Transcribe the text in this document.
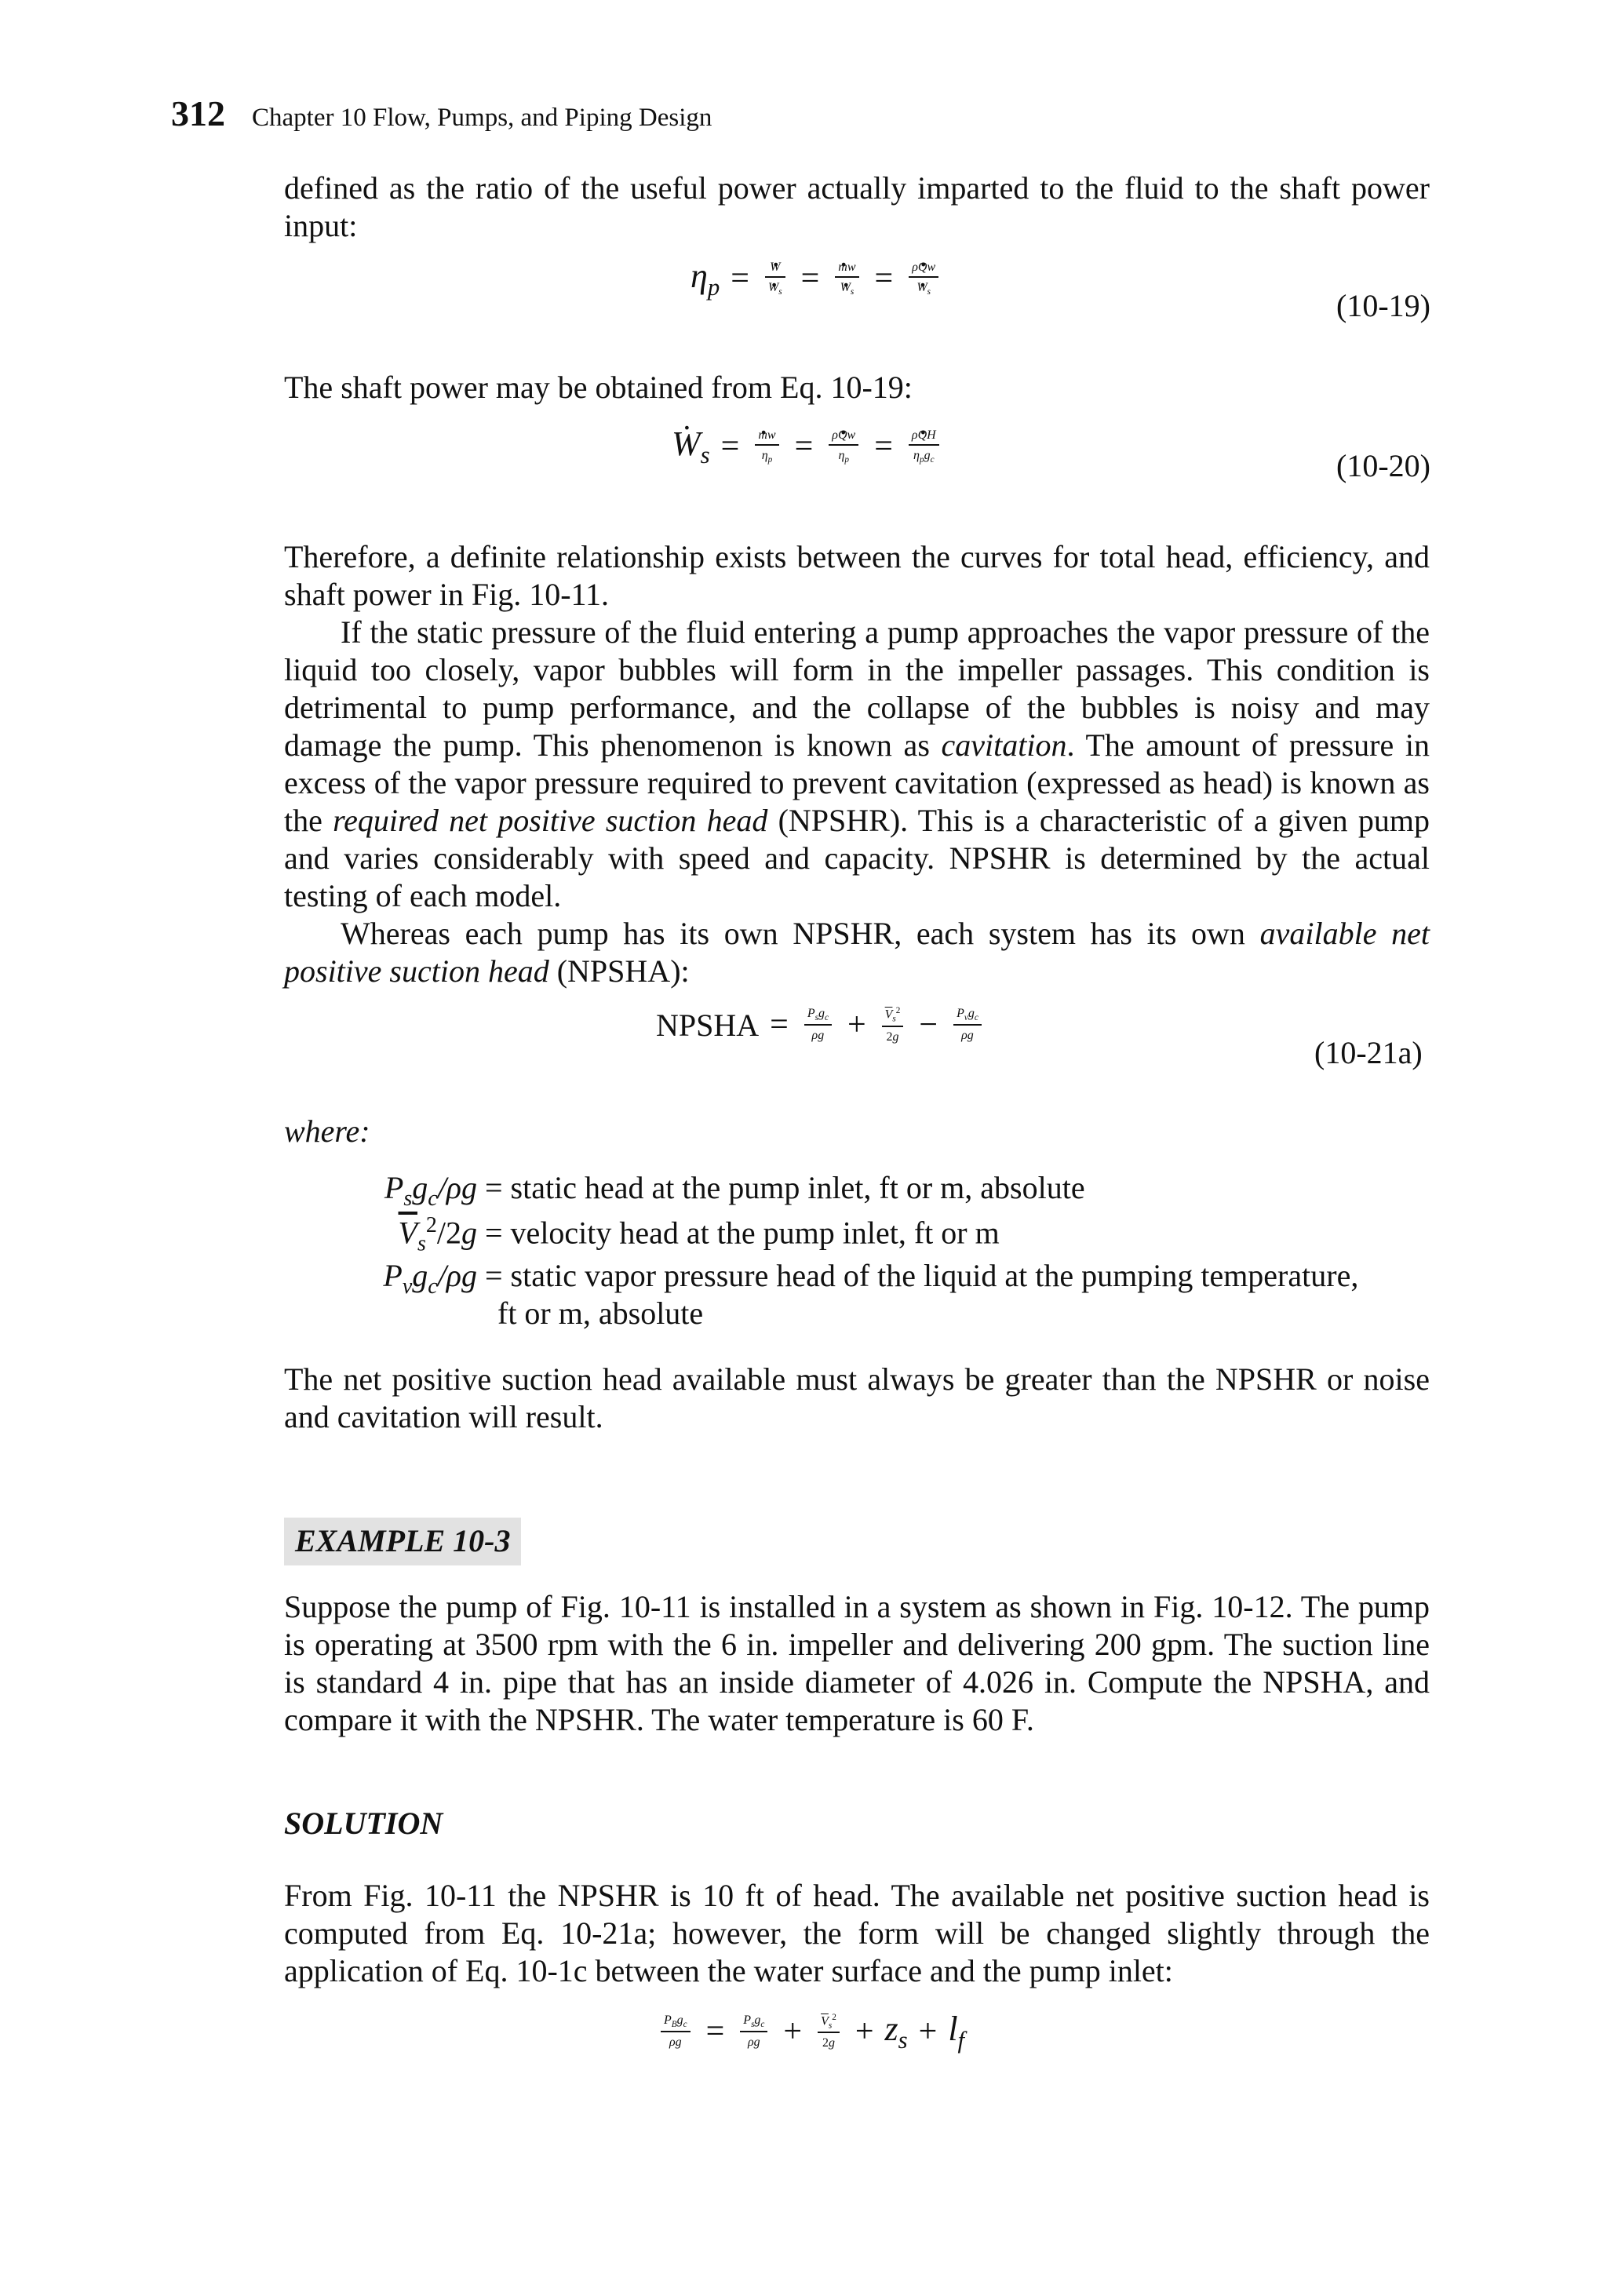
312 Chapter 10 Flow, Pumps, and Piping Design
defined as the ratio of the useful power actually imparted to the fluid to the shaft power input:
$\eta_p = \frac{W .}{W ._s} = \frac{m .w}{W ._s} = \frac{\rho Q .w}{W ._s}$
(10-19)
The shaft power may be obtained from Eq. 10-19:
W $._s = \frac{m .w}{\eta_p} = \frac{\rho Q .w}{\eta_p} = \frac{\rho Q .H}{\eta_pg_c}$
(10-20)
Therefore, a definite relationship exists between the curves for total head, efficiency, and shaft power in Fig. 10-11.
If the static pressure of the fluid entering a pump approaches the vapor pressure of the liquid too closely, vapor bubbles will form in the impeller passages. This condition is detrimental to pump performance, and the collapse of the bubbles is noisy and may damage the pump. This phenomenon is known as cavitation. The amount of pressure in excess of the vapor pressure required to prevent cavitation (expressed as head) is known as the required net positive suction head (NPSHR). This is a characteristic of a given pump and varies considerably with speed and capacity. NPSHR is determined by the actual testing of each model.
Whereas each pump has its own NPSHR, each system has its own available net positive suction head (NPSHA):
NPSHA = $\frac{P_sg_c}{\rho g} + \frac{\overline{V}_s^2}{2g} - \frac{P_vg_c}{\rho g}$
(10-21a)
where:
$P_sg_c/\rho g$ = static head at the pump inlet, ft or m, absolute
$\overline{V}_s^2/2g$ = velocity head at the pump inlet, ft or m
$P_vg_c/\rho g$ = static vapor pressure head of the liquid at the pumping temperature,
ft or m, absolute
The net positive suction head available must always be greater than the NPSHR or noise and cavitation will result.
EXAMPLE 10-3
Suppose the pump of Fig. 10-11 is installed in a system as shown in Fig. 10-12. The pump is operating at 3500 rpm with the 6 in. impeller and delivering 200 gpm. The suction line is standard 4 in. pipe that has an inside diameter of 4.026 in. Compute the NPSHA, and compare it with the NPSHR. The water temperature is 60 F.
SOLUTION
From Fig. 10-11 the NPSHR is 10 ft of head. The available net positive suction head is computed from Eq. 10-21a; however, the form will be changed slightly through the application of Eq. 10-1c between the water surface and the pump inlet:
$\frac{P_Bg_c}{\rho g} = \frac{P_sg_c}{\rho g} + \frac{\overline{V}_s^2}{2g} + z_s + l_f$
